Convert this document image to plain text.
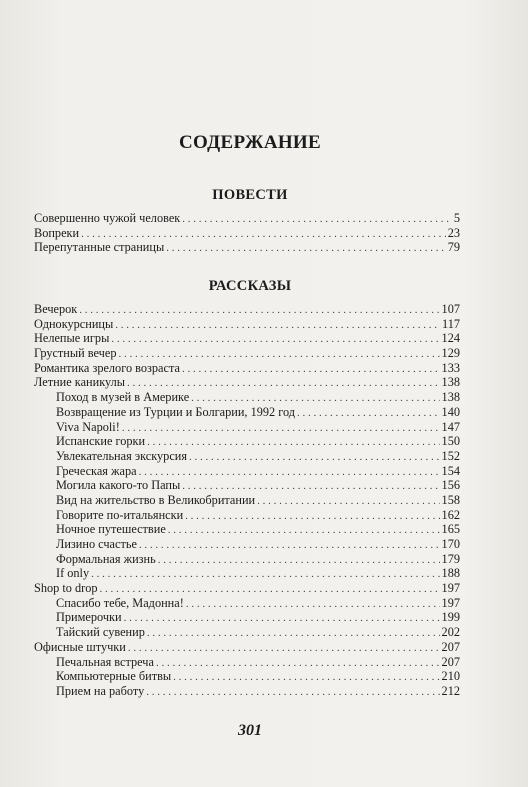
СОДЕРЖАНИЕ
ПОВЕСТИ
Совершенно чужой человек . . .	5
Вопреки . . .	23
Перепутанные страницы . . .	79
РАССКАЗЫ
Вечерок . . .	107
Однокурсницы . . .	117
Нелепые игры . . .	124
Грустный вечер . . .	129
Романтика зрелого возраста . . .	133
Летние каникулы . . .	138
Поход в музей в Америке . . .	138
Возвращение из Турции и Болгарии, 1992 год . . .	140
Viva Napoli! . . .	147
Испанские горки . . .	150
Увлекательная экскурсия . . .	152
Греческая жара . . .	154
Могила какого-то Папы . . .	156
Вид на жительство в Великобритании . . .	158
Говорите по-итальянски . . .	162
Ночное путешествие . . .	165
Лизино счастье . . .	170
Формальная жизнь . . .	179
If only . . .	188
Shop to drop . . .	197
Спасибо тебе, Мадонна! . . .	197
Примерочки . . .	199
Тайский сувенир . . .	202
Офисные штучки . . .	207
Печальная встреча . . .	207
Компьютерные битвы . . .	210
Прием на работу . . .	212
301
